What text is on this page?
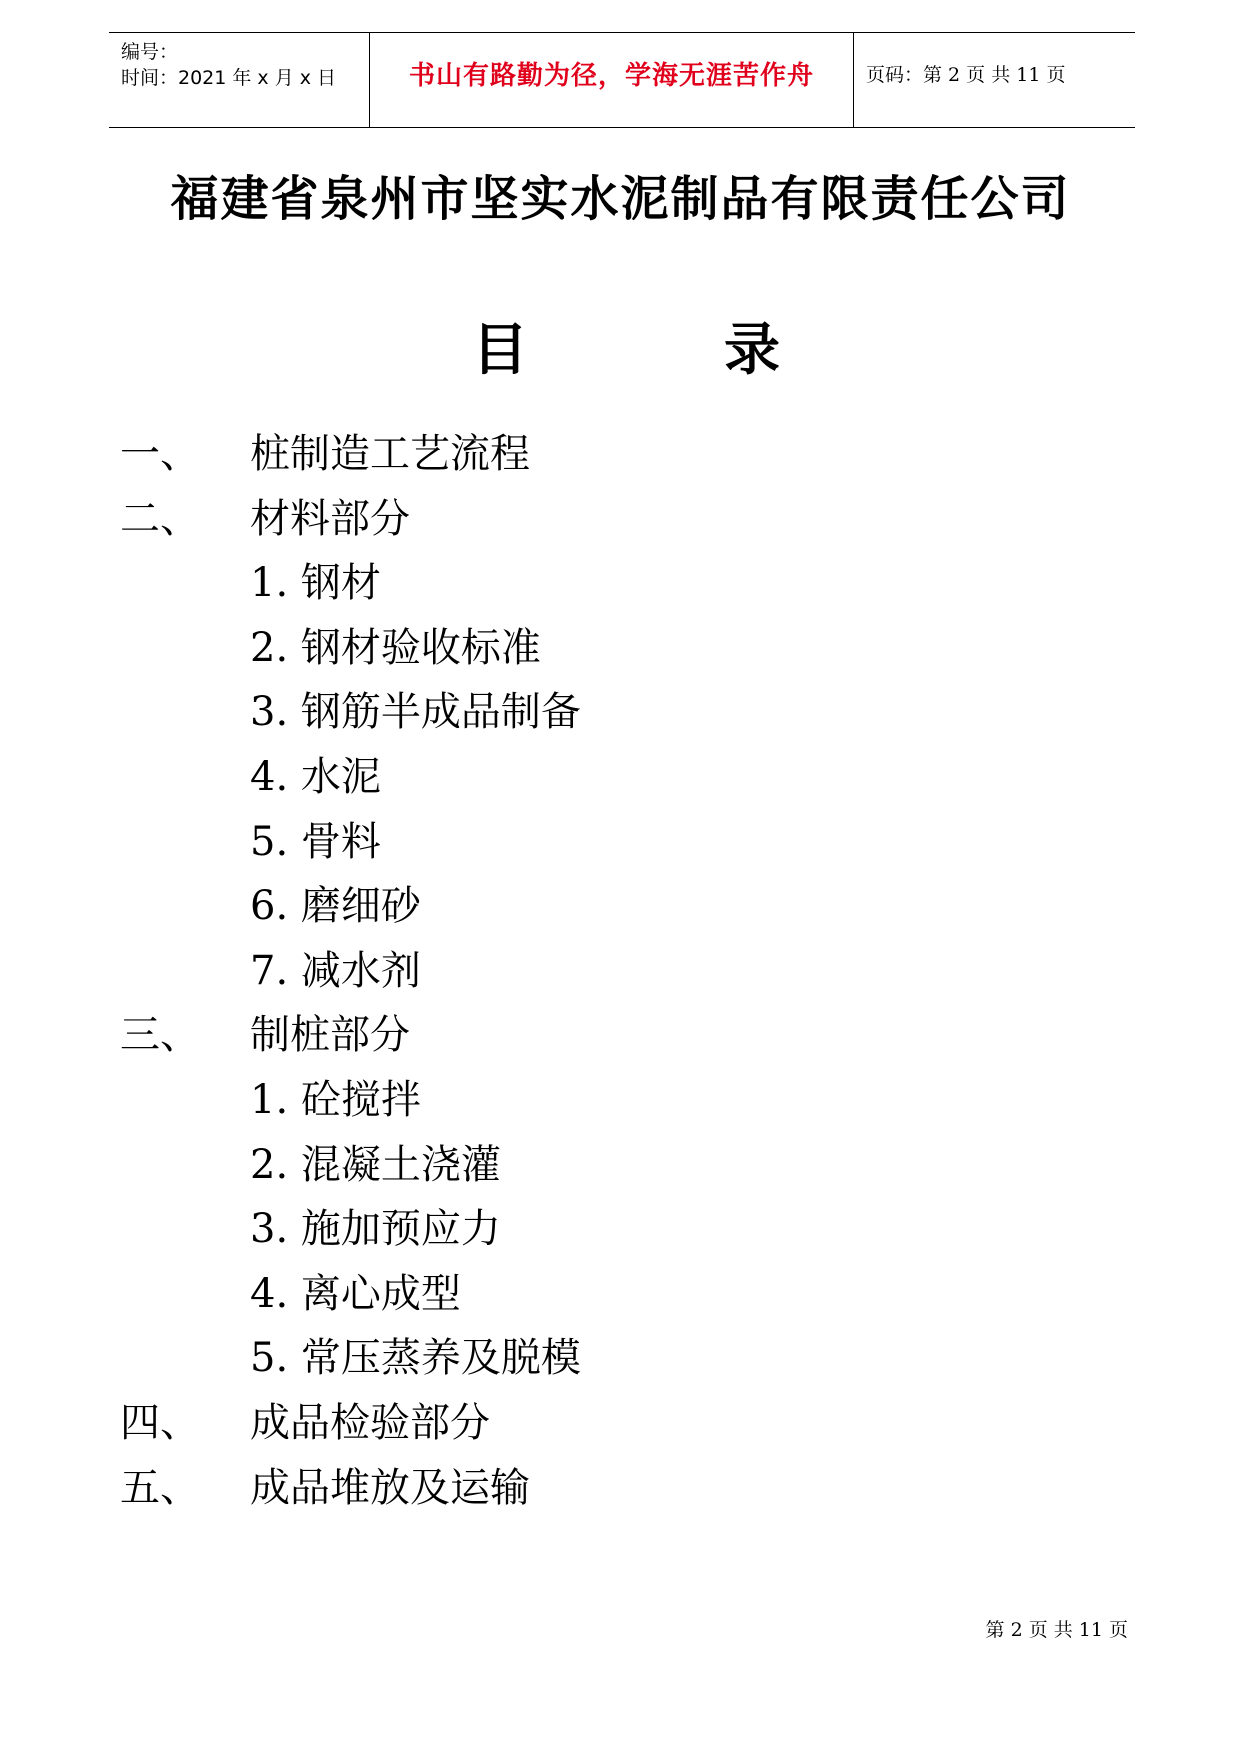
编号：
时间：2021 年 x 月 x 日	书山有路勤为径，学海无涯苦作舟	页码：第 2 页 共 11 页
福建省泉州市坚实水泥制品有限责任公司
目	录
一、 桩制造工艺流程
二、 材料部分
1. 钢材
2. 钢材验收标准
3. 钢筋半成品制备
4. 水泥
5. 骨料
6. 磨细砂
7. 减水剂
三、 制桩部分
1. 砼搅拌
2. 混凝土浇灌
3. 施加预应力
4. 离心成型
5. 常压蒸养及脱模
四、 成品检验部分
五、 成品堆放及运输
第 2 页 共 11 页
